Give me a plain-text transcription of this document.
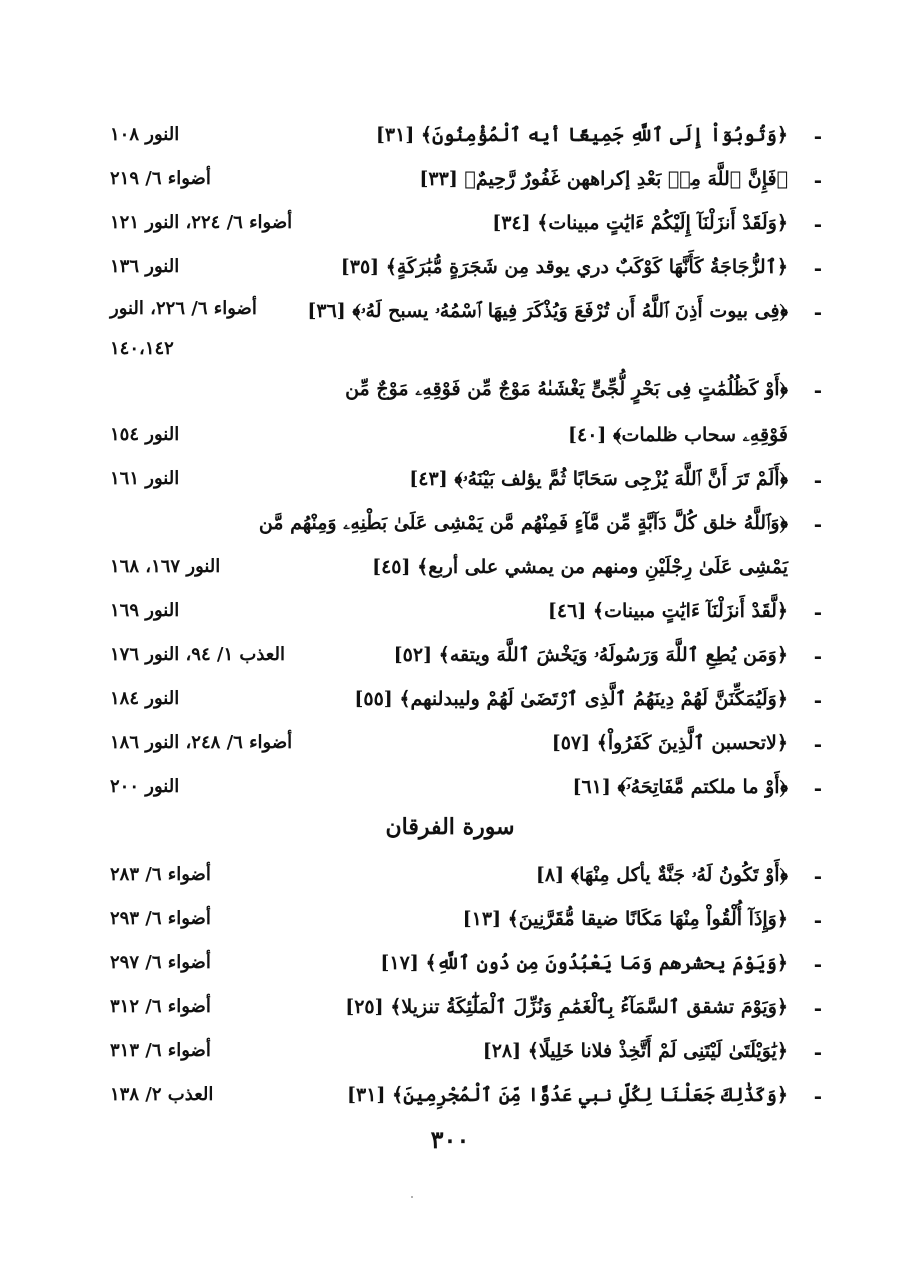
-
﴿وَتُوبُوٓاْ إِلَى ٱللَّهِ جَمِيعًا أيه ٱلْمُؤْمِنُونَ﴾ [٣١]
النور ١٠٨
-
﴿فَإِنَّ ٱللَّهَ مِنۢ بَعْدِ إكراههن غَفُورٌ رَّحِيمٌ﴾ [٣٣]
أضواء ٦/ ٢١٩
-
﴿وَلَقَدْ أَنزَلْنَآ إِلَيْكُمْ ءَايَٰتٍ مبينات﴾ [٣٤]
أضواء ٦/ ٢٢٤، النور ١٢١
-
﴿ٱلزُّجَاجَةُ كَأَنَّهَا كَوْكَبٌ دري يوقد مِن شَجَرَةٍ مُّبَٰرَكَةٍ﴾ [٣٥]
النور ١٣٦
-
﴿فِى بيوت أَذِنَ ٱللَّهُ أَن تُرْفَعَ وَيُذْكَرَ فِيهَا ٱسْمُهُۥ يسبح لَهُۥ﴾ [٣٦]
أضواء ٦/ ٢٢٦، النور
١٤٠،١٤٢
-
﴿أَوْ كَظُلُمَٰتٍ فِى بَحْرٍ لُّجِّىٍّ يَغْشَىٰهُ مَوْجٌ مِّن فَوْقِهِۦ مَوْجٌ مِّن
فَوْقِهِۦ سحاب ظلمات﴾ [٤٠]
النور ١٥٤
-
﴿أَلَمْ تَرَ أَنَّ ٱللَّهَ يُزْجِى سَحَابًا ثُمَّ يؤلف بَيْنَهُۥ﴾ [٤٣]
النور ١٦١
-
﴿وَٱللَّهُ خلق كُلَّ دَآبَّةٍ مِّن مَّآءٍ فَمِنْهُم مَّن يَمْشِى عَلَىٰ بَطْنِهِۦ وَمِنْهُم مَّن
يَمْشِى عَلَىٰ رِجْلَيْنِ ومنهم من يمشي على أربع﴾ [٤٥]
النور ١٦٧، ١٦٨
-
﴿لَّقَدْ أَنزَلْنَآ ءَايَٰتٍ مبينات﴾ [٤٦]
النور ١٦٩
-
﴿وَمَن يُطِعِ ٱللَّهَ وَرَسُولَهُۥ وَيَخْشَ ٱللَّهَ ويتقه﴾ [٥٢]
العذب ١/ ٩٤، النور ١٧٦
-
﴿وَلَيُمَكِّنَنَّ لَهُمْ دِينَهُمُ ٱلَّذِى ٱرْتَضَىٰ لَهُمْ وليبدلنهم﴾ [٥٥]
النور ١٨٤
-
﴿لاتحسبن ٱلَّذِينَ كَفَرُواْ﴾ [٥٧]
أضواء ٦/ ٢٤٨، النور ١٨٦
-
﴿أَوْ ما ملكتم مَّفَاتِحَهُۥٓ﴾ [٦١]
النور ٢٠٠
سورة الفرقان
-
﴿أَوْ تَكُونُ لَهُۥ جَنَّةٌ يأكل مِنْهَا﴾ [٨]
أضواء ٦/ ٢٨٣
-
﴿وَإِذَآ أُلْقُواْ مِنْهَا مَكَانًا ضيقا مُّقَرَّنِينَ﴾ [١٣]
أضواء ٦/ ٢٩٣
-
﴿وَيَوْمَ يحشرهم وَمَا يَعْبُدُونَ مِن دُونِ ٱللَّهِ﴾ [١٧]
أضواء ٦/ ٢٩٧
-
﴿وَيَوْمَ تشقق ٱلسَّمَآءُ بِٱلْغَمَٰمِ وَنُزِّلَ ٱلْمَلَٰٓئِكَةُ تنزيلا﴾ [٢٥]
أضواء ٦/ ٣١٢
-
﴿يَٰوَيْلَتَىٰ لَيْتَنِى لَمْ أَتَّخِذْ فلانا خَلِيلًا﴾ [٢٨]
أضواء ٦/ ٣١٣
-
﴿وَكَذَٰلِكَ جَعَلْنَا لِكُلِّ نبي عَدُوًّا مِّنَ ٱلْمُجْرِمِينَ﴾ [٣١]
العذب ٢/ ١٣٨
٣٠٠
